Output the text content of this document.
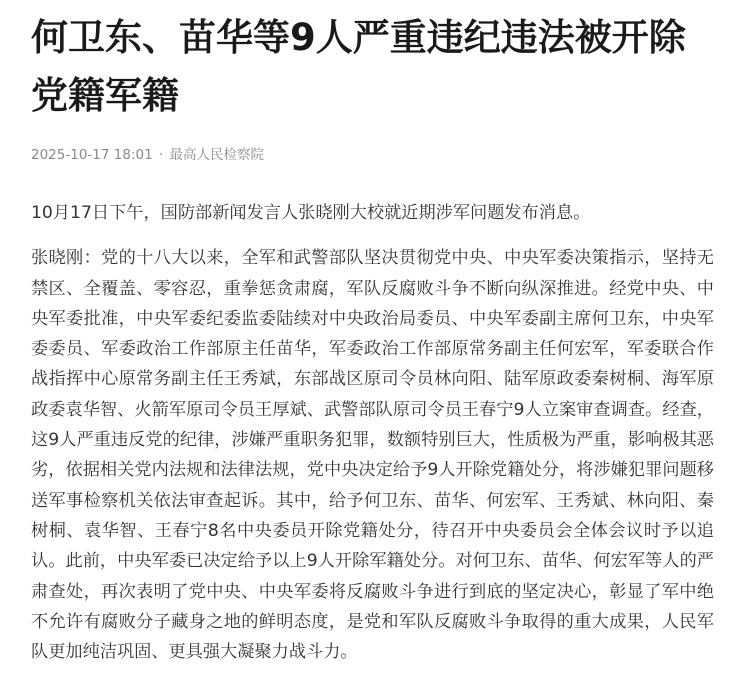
何卫东、苗华等9人严重违纪违法被开除党籍军籍
2025-10-17 18:01 · 最高人民检察院

10月17日下午，国防部新闻发言人张晓刚大校就近期涉军问题发布消息。

张晓刚：党的十八大以来，全军和武警部队坚决贯彻党中央、中央军委决策指示，坚持无禁区、全覆盖、零容忍，重拳惩贪肃腐，军队反腐败斗争不断向纵深推进。经党中央、中央军委批准，中央军委纪委监委陆续对中央政治局委员、中央军委副主席何卫东，中央军委委员、军委政治工作部原主任苗华，军委政治工作部原常务副主任何宏军，军委联合作战指挥中心原常务副主任王秀斌，东部战区原司令员林向阳、陆军原政委秦树桐、海军原政委袁华智、火箭军原司令员王厚斌、武警部队原司令员王春宁9人立案审查调查。经查，这9人严重违反党的纪律，涉嫌严重职务犯罪，数额特别巨大，性质极为严重，影响极其恶劣，依据相关党内法规和法律法规，党中央决定给予9人开除党籍处分，将涉嫌犯罪问题移送军事检察机关依法审查起诉。其中，给予何卫东、苗华、何宏军、王秀斌、林向阳、秦树桐、袁华智、王春宁8名中央委员开除党籍处分，待召开中央委员会全体会议时予以追认。此前，中央军委已决定给予以上9人开除军籍处分。对何卫东、苗华、何宏军等人的严肃查处，再次表明了党中央、中央军委将反腐败斗争进行到底的坚定决心，彰显了军中绝不允许有腐败分子藏身之地的鲜明态度，是党和军队反腐败斗争取得的重大成果，人民军队更加纯洁巩固、更具强大凝聚力战斗力。
